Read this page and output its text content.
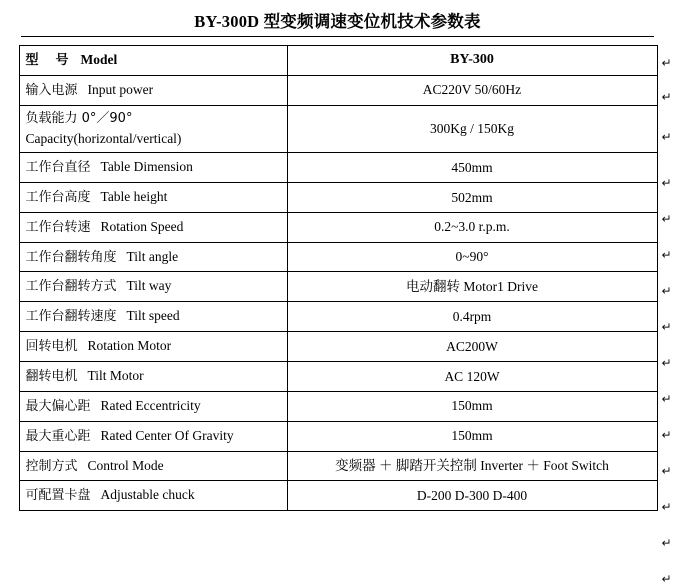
BY-300D 型变频调速变位机技术参数表
型　号 Model	BY-300
输入电源 Input power	AC220V 50/60Hz

负载能力 0°／90°
Capacity(horizontal/vertical)	300Kg / 150Kg
工作台直径 Table Dimension	450mm
工作台高度 Table height	502mm
工作台转速 Rotation Speed	0.2~3.0 r.p.m.
工作台翻转角度 Tilt angle	0~90°
工作台翻转方式 Tilt way	电动翻转 Motor1 Drive
工作台翻转速度 Tilt speed	0.4rpm
回转电机 Rotation Motor	AC200W
翻转电机 Tilt Motor	AC 120W
最大偏心距 Rated Eccentricity	150mm
最大重心距 Rated Center Of Gravity	150mm
控制方式 Control Mode	变频器 ＋ 脚踏开关控制 Inverter ＋ Foot Switch
可配置卡盘 Adjustable chuck	D-200 D-300 D-400
↵
↵
↵
↵
↵
↵
↵
↵
↵
↵
↵
↵
↵
↵
↵
